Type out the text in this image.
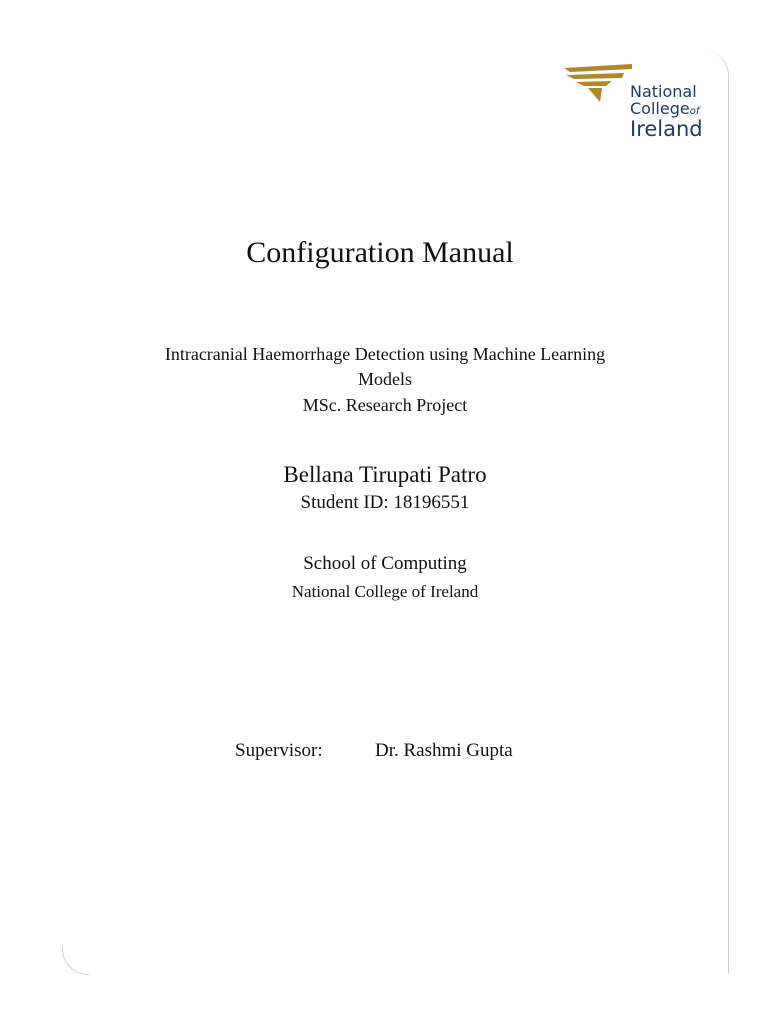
National
Collegeof
Ireland
Configuration Manual
Intracranial Haemorrhage Detection using Machine Learning
Models
MSc. Research Project
Bellana Tirupati Patro
Student ID: 18196551
School of Computing
National College of Ireland
Supervisor:	Dr. Rashmi Gupta
